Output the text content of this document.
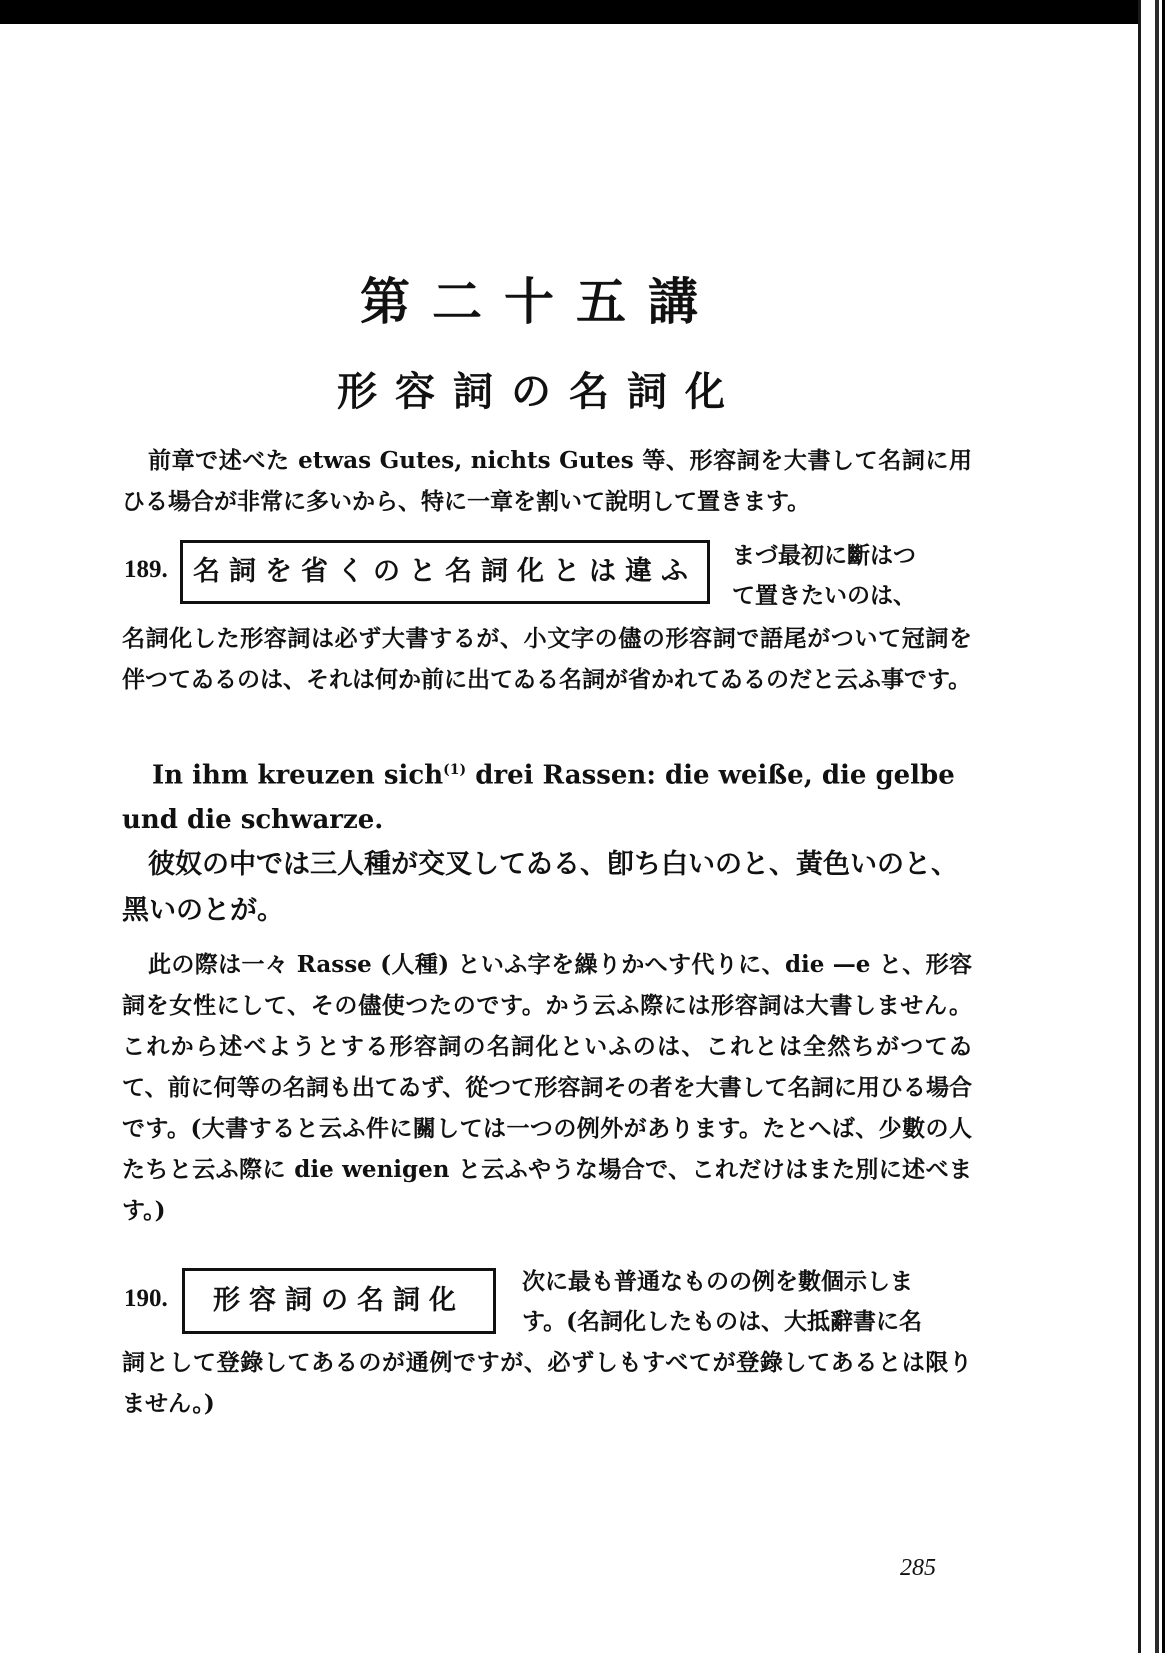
第二十五講
形容詞の名詞化
前章で述べた etwas Gutes, nichts Gutes 等、形容詞を大書して名詞に用ひる場合が非常に多いから、特に一章を割いて說明して置きます。
189. 名詞を省くのと名詞化とは違ふ
まづ最初に斷はつて置きたいのは、
名詞化した形容詞は必ず大書するが、小文字の儘の形容詞で語尾がついて冠詞を伴つてゐるのは、それは何か前に出てゐる名詞が省かれてゐるのだと云ふ事です。
In ihm kreuzen sich$^{(1)}$ drei Rassen: die weiße, die gelbe und die schwarze.
彼奴の中では三人種が交叉してゐる、卽ち白いのと、黃色いのと、黑いのとが。
此の際は一々 Rasse (人種) といふ字を繰りかへす代りに、die —e と、形容詞を女性にして、その儘使つたのです。かう云ふ際には形容詞は大書しません。これから述べようとする形容詞の名詞化といふのは、これとは全然ちがつてゐて、前に何等の名詞も出てゐず、從つて形容詞その者を大書して名詞に用ひる場合です。(大書すると云ふ件に關しては一つの例外があります。たとへば、少數の人たちと云ふ際に die wenigen と云ふやうな場合で、これだけはまた別に述べます。)
190.	形容詞の名詞化
次に最も普通なものの例を數個示します。(名詞化したものは、大抵辭書に名
詞として登錄してあるのが通例ですが、必ずしもすべてが登錄してあるとは限りません。)
285
